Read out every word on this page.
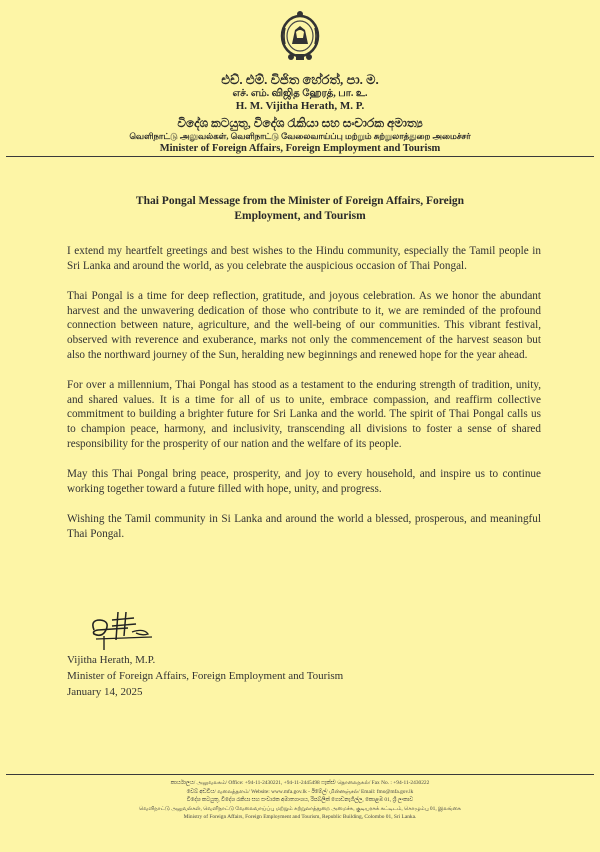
එච්. එම්. විජිත හේරත්, පා. ම.
எச். எம். விஜித ஹேரத், பா. உ.
H. M. Vijitha Herath, M. P.
විදේශ කටයුතු, විදේශ රැකියා සහ සංචාරක අමාත්‍ය
வெளிநாட்டு அலுவல்கள், வெளிநாட்டு வேலைவாய்ப்பு மற்றும் சுற்றுலாத்துறை அமைச்சர்
Minister of Foreign Affairs, Foreign Employment and Tourism
Thai Pongal Message from the Minister of Foreign Affairs, Foreign Employment, and Tourism

I extend my heartfelt greetings and best wishes to the Hindu community, especially the Tamil people in Sri Lanka and around the world, as you celebrate the auspicious occasion of Thai Pongal.

Thai Pongal is a time for deep reflection, gratitude, and joyous celebration. As we honor the abundant harvest and the unwavering dedication of those who contribute to it, we are reminded of the profound connection between nature, agriculture, and the well-being of our communities. This vibrant festival, observed with reverence and exuberance, marks not only the commencement of the harvest season but also the northward journey of the Sun, heralding new beginnings and renewed hope for the year ahead.

For over a millennium, Thai Pongal has stood as a testament to the enduring strength of tradition, unity, and shared values. It is a time for all of us to unite, embrace compassion, and reaffirm collective commitment to building a brighter future for Sri Lanka and the world. The spirit of Thai Pongal calls us to champion peace, harmony, and inclusivity, transcending all divisions to foster a sense of shared responsibility for the prosperity of our nation and the welfare of its people.

May this Thai Pongal bring peace, prosperity, and joy to every household, and inspire us to continue working together toward a future filled with hope, unity, and progress.

Wishing the Tamil community in Si Lanka and around the world a blessed, prosperous, and meaningful Thai Pongal.

Vijitha Herath, M.P.
Minister of Foreign Affairs, Foreign Employment and Tourism
January 14, 2025
කාර්යාලය/ அலுவலகம்/ Office: +94-11-2430221, +94-11-2445498 ෆැක්ස්/ தொலைநகல்/ Fax No. : +94-11-2430222
වෙබ් අඩවිය/ வலைத்தளம்/ Website: www.mfa.gov.lk - ඊමේල්/ மின்னஞ்சல்/ Email: fmo@mfa.gov.lk
විදේශ කටයුතු, විදේශ රැකියා සහ සංචාරක අමාත්‍යාංශය, රිපබ්ලික් ගොඩනැගිල්ල, කොළඹ 01, ශ්‍රී ලංකාව
வெளிநாட்டு அலுவல்கள், வெளிநாட்டு வேலைவாய்ப்பு மற்றும் சுற்றுலாத்துறை அமைச்சு, குடியரசுக் கட்டிடம், கொழும்பு 01, இலங்கை
Ministry of Foreign Affairs, Foreign Employment and Tourism, Republic Building, Colombo 01, Sri Lanka.
